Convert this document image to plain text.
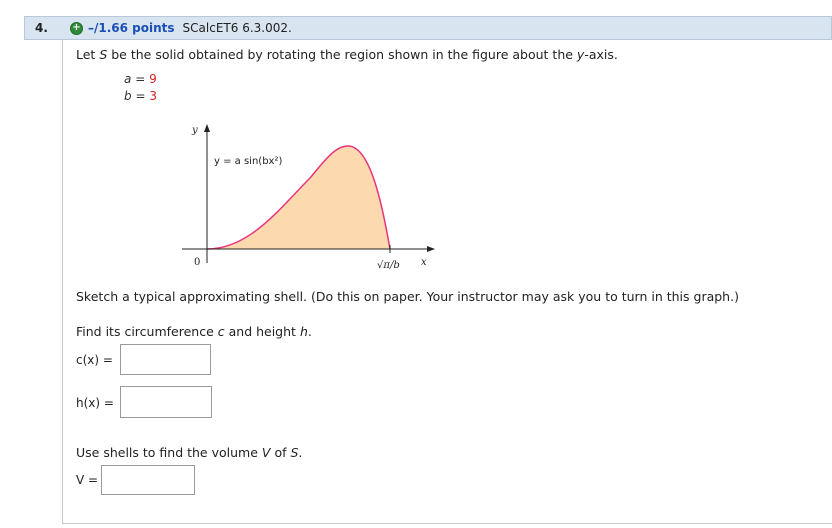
4. + –/1.66 points SCalcET6 6.3.002.
Let S be the solid obtained by rotating the region shown in the figure about the y-axis.
a = 9
b = 3
y
x
0
y = a sin(bx²)
√π/b
Sketch a typical approximating shell. (Do this on paper. Your instructor may ask you to turn in this graph.)
Find its circumference c and height h.
c(x) =
h(x) =
Use shells to find the volume V of S.
V =
